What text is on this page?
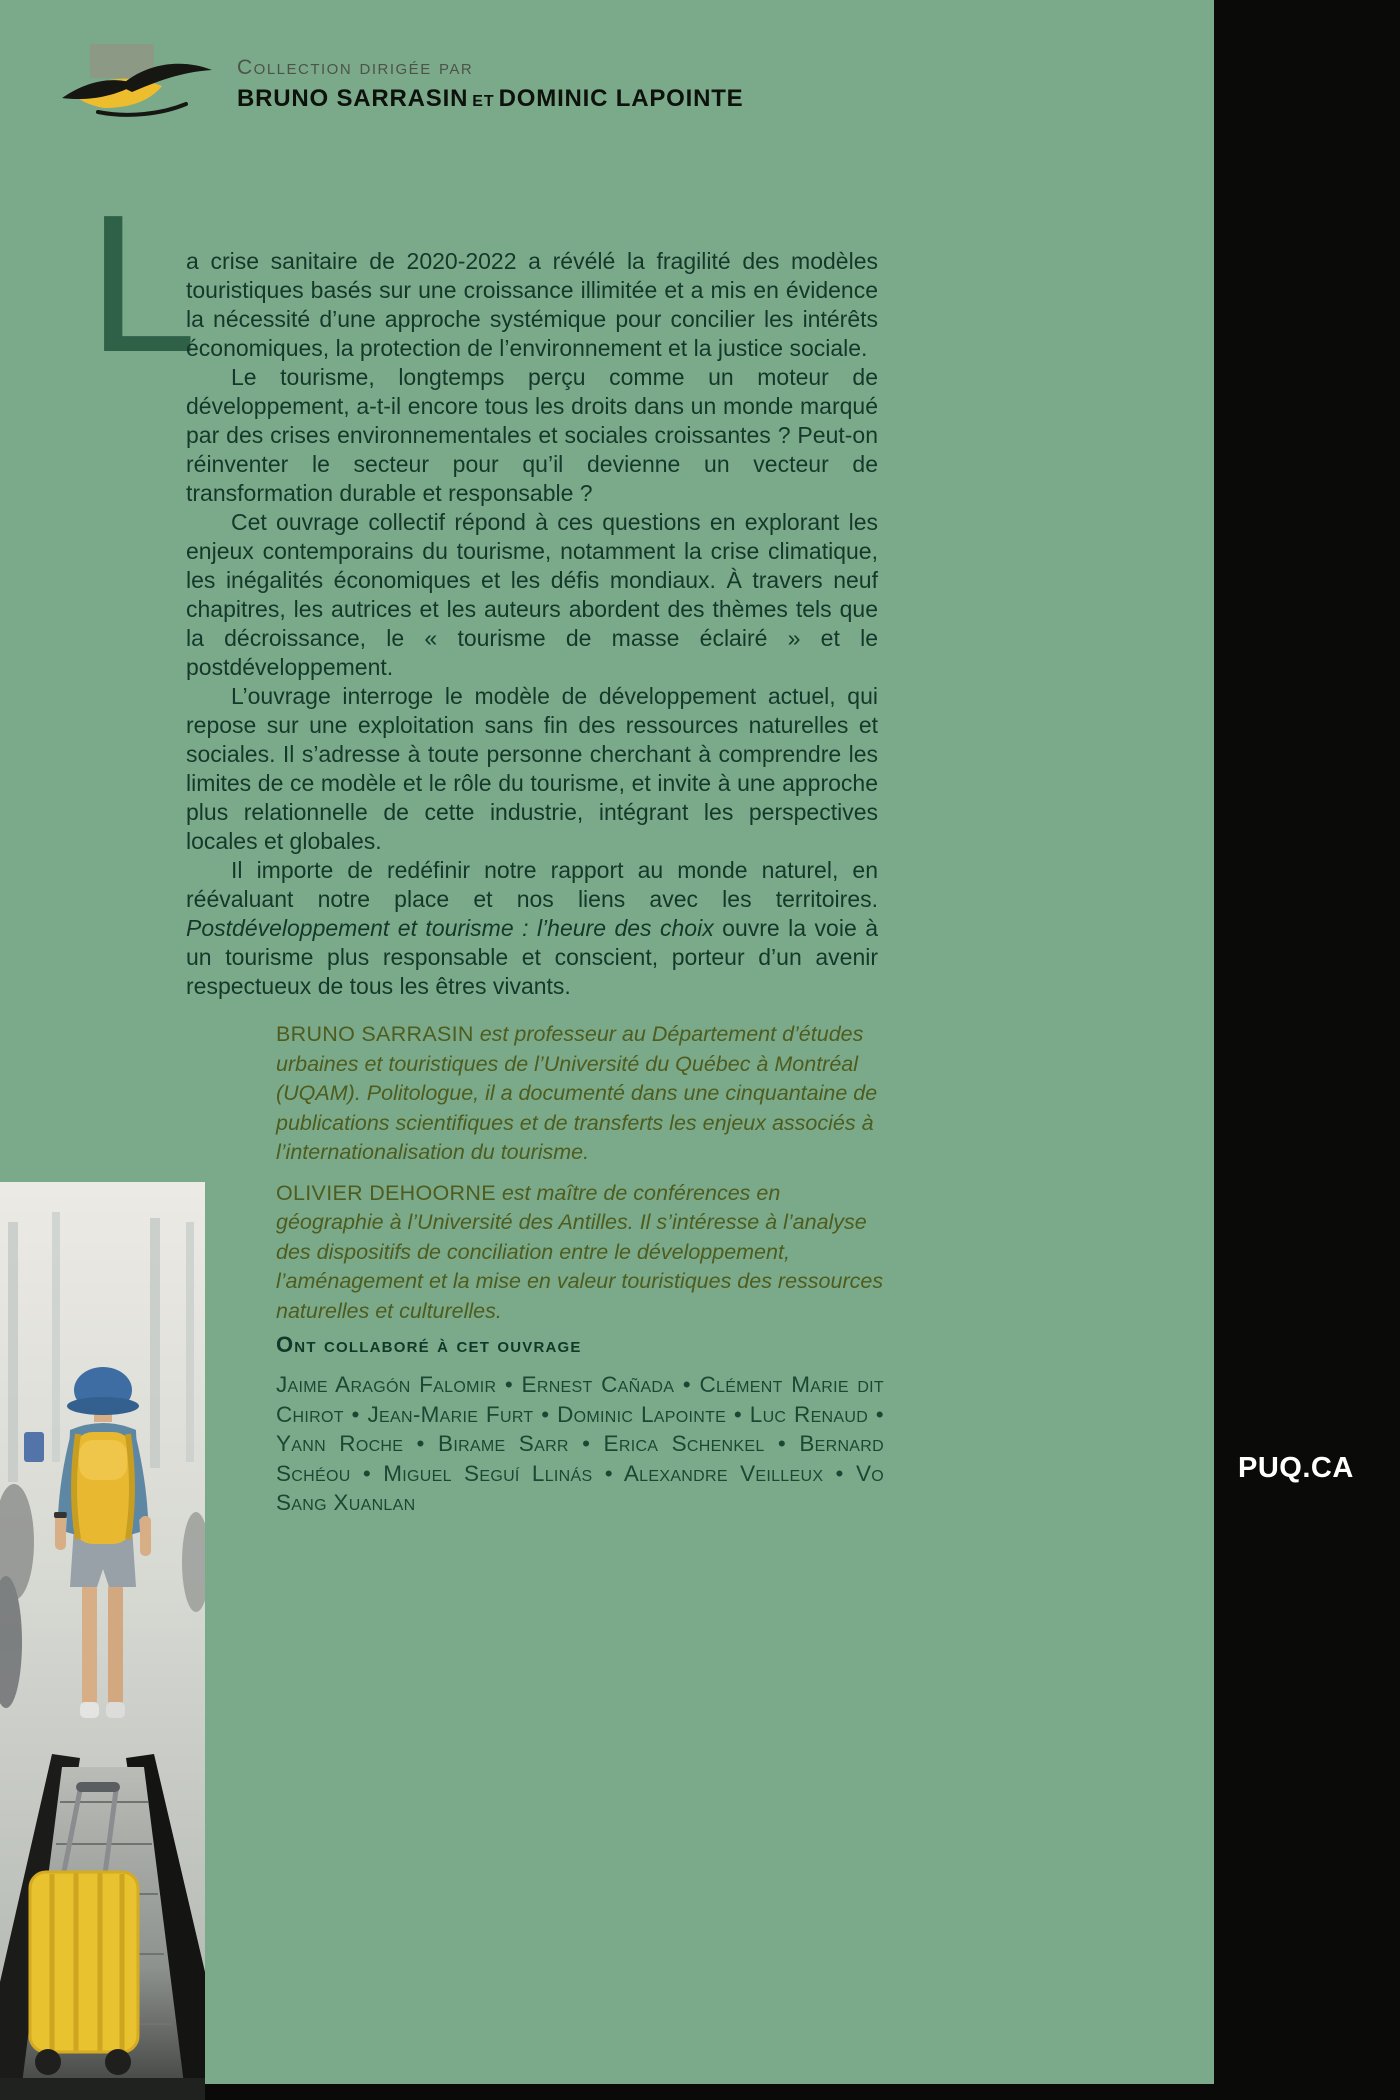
Collection dirigée par
BRUNO SARRASIN ET DOMINIC LAPOINTE
L

a crise sanitaire de 2020-2022 a révélé la fragilité des modèles touristiques basés sur une croissance illimitée et a mis en évidence la nécessité d’une approche systémique pour concilier les intérêts économiques, la protection de l’environnement et la justice sociale.

Le tourisme, longtemps perçu comme un moteur de développement, a-t-il encore tous les droits dans un monde marqué par des crises environnementales et sociales croissantes ? Peut-on réinventer le secteur pour qu’il devienne un vecteur de transformation durable et responsable ?

Cet ouvrage collectif répond à ces questions en explorant les enjeux contemporains du tourisme, notamment la crise climatique, les inégalités économiques et les défis mondiaux. À travers neuf chapitres, les autrices et les auteurs abordent des thèmes tels que la décroissance, le « tourisme de masse éclairé » et le postdéveloppement.

L’ouvrage interroge le modèle de développement actuel, qui repose sur une exploitation sans fin des ressources naturelles et sociales. Il s’adresse à toute personne cherchant à comprendre les limites de ce modèle et le rôle du tourisme, et invite à une approche plus relationnelle de cette industrie, intégrant les perspectives locales et globales.

Il importe de redéfinir notre rapport au monde naturel, en réévaluant notre place et nos liens avec les territoires. Postdéveloppement et tourisme : l’heure des choix ouvre la voie à un tourisme plus responsable et conscient, porteur d’un avenir respectueux de tous les êtres vivants.

BRUNO SARRASIN est professeur au Département d’études urbaines et touristiques de l’Université du Québec à Montréal (UQAM). Politologue, il a documenté dans une cinquantaine de publications scientifiques et de transferts les enjeux associés à l’internationalisation du tourisme.

OLIVIER DEHOORNE est maître de conférences en géographie à l’Université des Antilles. Il s’intéresse à l’analyse des dispositifs de conciliation entre le développement, l’aménagement et la mise en valeur touristiques des ressources naturelles et culturelles.

Ont collaboré à cet ouvrage

Jaime Aragón Falomir • Ernest Cañada • Clément Marie dit Chirot • Jean-Marie Furt • Dominic Lapointe • Luc Renaud • Yann Roche • Birame Sarr • Erica Schenkel • Bernard Schéou • Miguel Seguí Llinás • Alexandre Veilleux • Vo Sang Xuanlan

PUQ.CA
